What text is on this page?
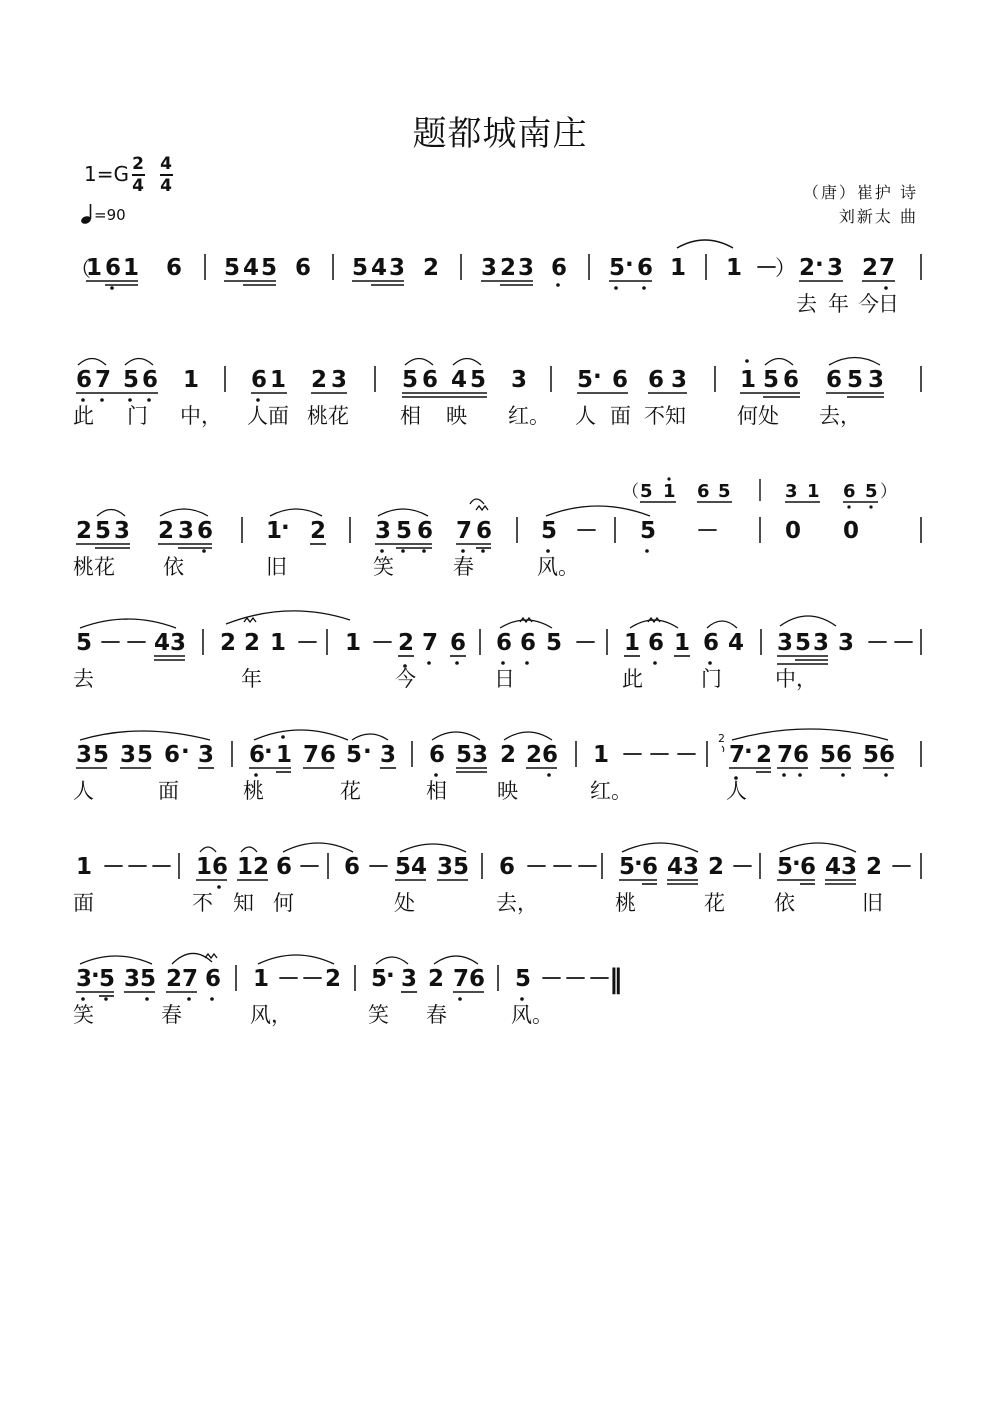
题都城南庄
1=G 2
4
4
4
=90
（唐）崔护 诗
刘新太 曲
（
1 6 1 6 5 4 5 6 5 4 3 2 3 2 3 6 5 · 6 1 1 －
） 2 · 3 2 7
去 年 今 日
6 7 5 6 1 6 1 2 3 5 6 4 5 3 5 · 6 6 3 1 5 6 6 5 3
此 门 中， 人面 桃花 相 映 红。 人 面 不知 何处 去，
（ 5 1 6 5	3 1 6 5 ）
2 5 3 2 3 6 1
· 2 3 5 6 7 6 5 － 5 －	0 0
桃花 依	旧	笑	春	风。
5 － － 4 3 2 2 1 － 1 － 2 7 6 6 6 5 － 1 6 1 6 4 3 5 3 3 － －
去	年	今	日	此	门	中，
3 5 3 5 6 · 3 6
· 1 7 6 5 · 3 6 5 3 2 2 6 1 － － －
2
7
· 2 7 6 5 6 5 6
人	面	桃	花	相 映	红。	人
1 － － － 1 6 1 2 6 － 6 － 5 4 3 5 6 － － － 5
· 6 4 3 2 － 5
· 6 4 3 2 －
面	不 知 何	处	去，	桃	花 依	旧
3
· 5 3 5 2 7 6 1 － － 2 5
· 3 2 7 6 5 － － －
‖
笑	春	风，	笑 春	风。
